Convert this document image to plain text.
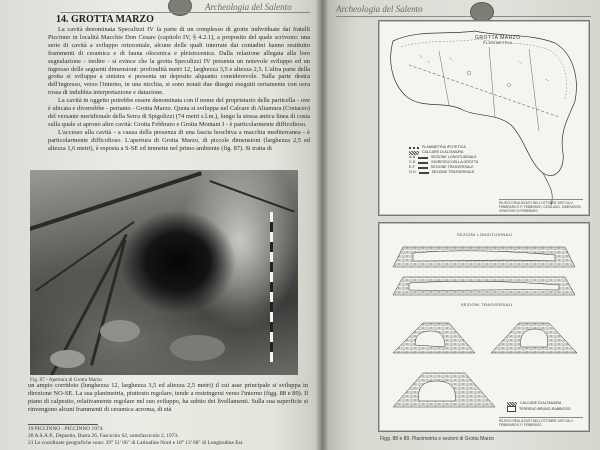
Archeologia del Salento
14. GROTTA MARZO

La cavità denominata Speculizzi IV fa parte di un complesso di grotte individuate dai fratelli Piccinno in località Macchie Don Cesare (capitolo IV, § 4.2.1), a proposito del quale scrivono: una serie di cavità a sviluppo orizzontale, alcune delle quali interrate dai contadini hanno restituito frammenti di ceramica e di fauna olocenica e pleistocenica. Dalla relazione allegata alla loro segnalazione - inoltre - si evince che la grotta Speculizzi IV presenta un notevole sviluppo ed un ingresso delle seguenti dimensioni: profondità metri 12, larghezza 3,5 e altezza 2,5. L'altra parte della grotta si sviluppa a sinistra e presenta un deposito alquanto considerevole. Sulla parte destra dell'ingresso, verso l'interno, in una nicchia, si sono notati due disegni eseguiti certamente con ocra rossa di indubbia interpretazione e datazione.

La cavità in oggetto potrebbe essere denominata con il nome del proprietario della particella - ove è ubicata e diverrebbe - pertanto - Grotta Marzo. Quota si sviluppa nel Calcare di Altamura (Cretaceo) del versante meridionale della Serra di Spigolizzi (74 metri s.l.m.), lungo la stessa antica linea di costa sulla quale si aprono altre cavità: Grotta Febbraro e Grotta Montani I - è particolarmente difficoltoso.

L'accesso alla cavità - a causa della presenza di una fascia boschiva a macchia mediterranea - è particolarmente difficoltoso. L'apertura di Grotta Marzo, di piccole dimensioni (larghezza 2,5 ed altezza 1,6 metri), è esposta a S-SE ed immette nel primo ambiente (fig. 87). Si tratta di

Fig. 87 - Apertura di Grotta Marzo
un ampio corridoio (lunghezza 12, larghezza 3,5 ed altezza 2,5 metri) il cui asse principale si sviluppa in direzione NO-SE. La sua planimetria, piuttosto regolare, tende a restringersi verso l'interno (figg. 88 e 89). Il piano di calpestio, relativamente regolare nel suo sviluppo, ha subito dei livellamenti. Sulla sua superficie si rinvengono alcuni frammenti di ceramica acroma, di età
19 PICCINNO - PICCINNO 1974.
20 A.S.A.P., Deposito, Busta 26, Fascicolo 62, sottofascicolo 2, 1973.
21 Le coordinate geografiche sono: 39° 51' 06" di Latitudine Nord e 18° 13' 08" di Longitudine Est.
Archeologia del Salento
GROTTA MARZO
PLANIMETRIA
PLANIMETRIA IPOTETICA
CALCARE DI ALTAMURA
A-B	SEZIONE LONGITUDINALE
C-D	INGRESSO DELLA GROTTA
E-F	SEZIONE TRASVERSALE
G-H	SEZIONE TRASVERSALE
RILIEVO REALIZZATO NELL'OTTOBRE 1997 DA V. FEBBRARO E P. FEBBRARO, CATALANO, DIMENSIONI GRAFICHE DI FEBBRARO
SEZIONI LONGITUDINALI
SEZIONI TRASVERSALI
CALCARE DI ALTAMURA
TERRENO BRUNO-RABBIOSO
RILIEVO REALIZZATO NELL'OTTOBRE 1997 DA V. FEBBRARO E P. FEBBRARO
Figg. 88 e 89. Planimetria e sezioni di Grotta Marzo
